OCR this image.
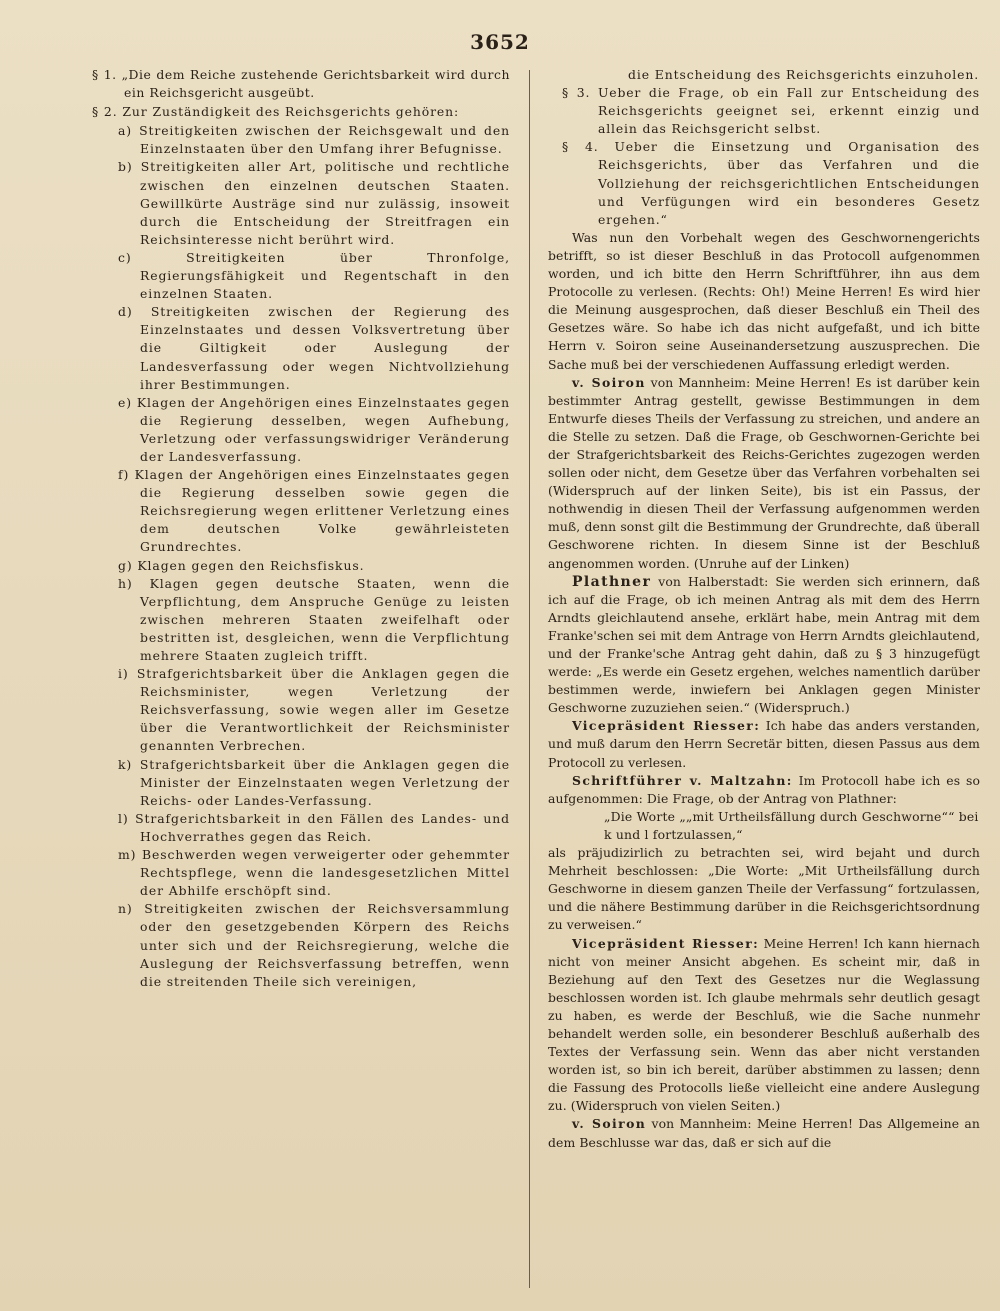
3652

§ 1. „Die dem Reiche zustehende Gerichtsbarkeit wird durch ein Reichsgericht ausgeübt.

§ 2. Zur Zuständigkeit des Reichsgerichts gehören:

a) Streitigkeiten zwischen der Reichsgewalt und den Einzelnstaaten über den Umfang ihrer Befugnisse.

b) Streitigkeiten aller Art, politische und rechtliche zwischen den einzelnen deutschen Staaten. Gewillkürte Austräge sind nur zulässig, insoweit durch die Entscheidung der Streitfragen ein Reichsinteresse nicht berührt wird.

c) Streitigkeiten über Thronfolge, Regierungsfähigkeit und Regentschaft in den einzelnen Staaten.

d) Streitigkeiten zwischen der Regierung des Einzelnstaates und dessen Volksvertretung über die Giltigkeit oder Auslegung der Landesverfassung oder wegen Nichtvollziehung ihrer Bestimmungen.

e) Klagen der Angehörigen eines Einzelnstaates gegen die Regierung desselben, wegen Aufhebung, Verletzung oder verfassungswidriger Veränderung der Landesverfassung.

f) Klagen der Angehörigen eines Einzelnstaates gegen die Regierung desselben sowie gegen die Reichsregierung wegen erlittener Verletzung eines dem deutschen Volke gewährleisteten Grundrechtes.

g) Klagen gegen den Reichsfiskus.

h) Klagen gegen deutsche Staaten, wenn die Verpflichtung, dem Anspruche Genüge zu leisten zwischen mehreren Staaten zweifelhaft oder bestritten ist, desgleichen, wenn die Verpflichtung mehrere Staaten zugleich trifft.

i) Strafgerichtsbarkeit über die Anklagen gegen die Reichsminister, wegen Verletzung der Reichsverfassung, sowie wegen aller im Gesetze über die Verantwortlichkeit der Reichsminister genannten Verbrechen.

k) Strafgerichtsbarkeit über die Anklagen gegen die Minister der Einzelnstaaten wegen Verletzung der Reichs- oder Landes-Verfassung.

l) Strafgerichtsbarkeit in den Fällen des Landes- und Hochverrathes gegen das Reich.

m) Beschwerden wegen verweigerter oder gehemmter Rechtspflege, wenn die landesgesetzlichen Mittel der Abhilfe erschöpft sind.

n) Streitigkeiten zwischen der Reichsversammlung oder den gesetzgebenden Körpern des Reichs unter sich und der Reichsregierung, welche die Auslegung der Reichsverfassung betreffen, wenn die streitenden Theile sich vereinigen,

die Entscheidung des Reichsgerichts einzuholen.

§ 3. Ueber die Frage, ob ein Fall zur Entscheidung des Reichsgerichts geeignet sei, erkennt einzig und allein das Reichsgericht selbst.

§ 4. Ueber die Einsetzung und Organisation des Reichsgerichts, über das Verfahren und die Vollziehung der reichsgerichtlichen Entscheidungen und Verfügungen wird ein besonderes Gesetz ergehen.“

Was nun den Vorbehalt wegen des Geschwornengerichts betrifft, so ist dieser Beschluß in das Protocoll aufgenommen worden, und ich bitte den Herrn Schriftführer, ihn aus dem Protocolle zu verlesen. (Rechts: Oh!) Meine Herren! Es wird hier die Meinung ausgesprochen, daß dieser Beschluß ein Theil des Gesetzes wäre. So habe ich das nicht aufgefaßt, und ich bitte Herrn v. Soiron seine Auseinandersetzung auszusprechen. Die Sache muß bei der verschiedenen Auffassung erledigt werden.

v. Soiron von Mannheim: Meine Herren! Es ist darüber kein bestimmter Antrag gestellt, gewisse Bestimmungen in dem Entwurfe dieses Theils der Verfassung zu streichen, und andere an die Stelle zu setzen. Daß die Frage, ob Geschwornen-Gerichte bei der Strafgerichtsbarkeit des Reichs-Gerichtes zugezogen werden sollen oder nicht, dem Gesetze über das Verfahren vorbehalten sei (Widerspruch auf der linken Seite), bis ist ein Passus, der nothwendig in diesen Theil der Verfassung aufgenommen werden muß, denn sonst gilt die Bestimmung der Grundrechte, daß überall Geschworene richten. In diesem Sinne ist der Beschluß angenommen worden. (Unruhe auf der Linken)

Plathner von Halberstadt: Sie werden sich erinnern, daß ich auf die Frage, ob ich meinen Antrag als mit dem des Herrn Arndts gleichlautend ansehe, erklärt habe, mein Antrag mit dem Franke'schen sei mit dem Antrage von Herrn Arndts gleichlautend, und der Franke'sche Antrag geht dahin, daß zu § 3 hinzugefügt werde: „Es werde ein Gesetz ergehen, welches namentlich darüber bestimmen werde, inwiefern bei Anklagen gegen Minister Geschworne zuzuziehen seien.“ (Widerspruch.)

Vicepräsident Riesser: Ich habe das anders verstanden, und muß darum den Herrn Secretär bitten, diesen Passus aus dem Protocoll zu verlesen.

Schriftführer v. Maltzahn: Im Protocoll habe ich es so aufgenommen: Die Frage, ob der Antrag von Plathner:

„Die Worte „„mit Urtheilsfällung durch Geschworne““ bei k und l fortzulassen,“

als präjudizirlich zu betrachten sei, wird bejaht und durch Mehrheit beschlossen: „Die Worte: „Mit Urtheilsfällung durch Geschworne in diesem ganzen Theile der Verfassung“ fortzulassen, und die nähere Bestimmung darüber in die Reichsgerichtsordnung zu verweisen.“

Vicepräsident Riesser: Meine Herren! Ich kann hiernach nicht von meiner Ansicht abgehen. Es scheint mir, daß in Beziehung auf den Text des Gesetzes nur die Weglassung beschlossen worden ist. Ich glaube mehrmals sehr deutlich gesagt zu haben, es werde der Beschluß, wie die Sache nunmehr behandelt werden solle, ein besonderer Beschluß außerhalb des Textes der Verfassung sein. Wenn das aber nicht verstanden worden ist, so bin ich bereit, darüber abstimmen zu lassen; denn die Fassung des Protocolls ließe vielleicht eine andere Auslegung zu. (Widerspruch von vielen Seiten.)

v. Soiron von Mannheim: Meine Herren! Das Allgemeine an dem Beschlusse war das, daß er sich auf die
